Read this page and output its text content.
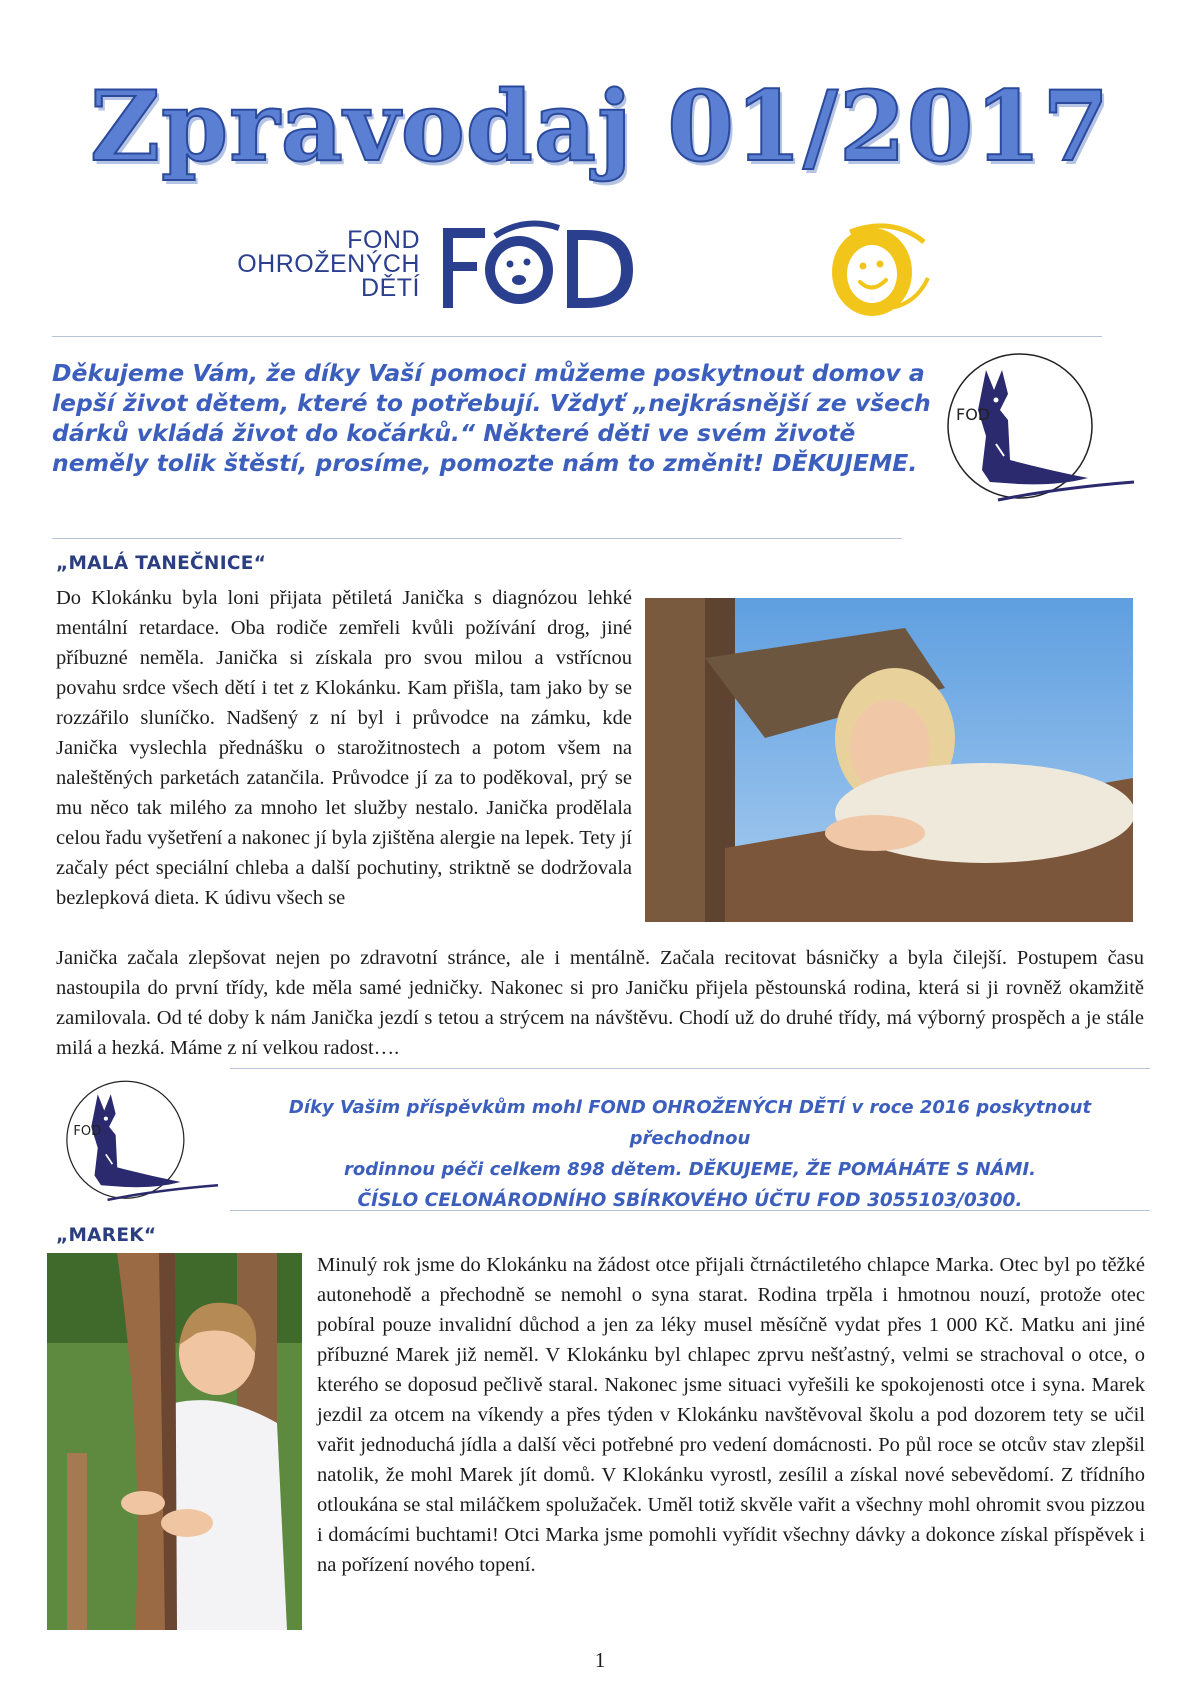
Zpravodaj 01/2017
FOND
OHROŽENÝCH
DĚTÍ
Děkujeme Vám, že díky Vaší pomoci můžeme poskytnout domov a lepší život dětem, které to potřebují. Vždyť „nejkrásnější ze všech dárků vkládá život do kočárků.“ Některé děti ve svém životě neměly tolik štěstí, prosíme, pomozte nám to změnit! DĚKUJEME.
FOD
„MALÁ TANEČNICE“
Do Klokánku byla loni přijata pětiletá Janička s diagnózou lehké mentální retardace. Oba rodiče zemřeli kvůli požívání drog, jiné příbuzné neměla. Janička si získala pro svou milou a vstřícnou povahu srdce všech dětí i tet z Klokánku. Kam přišla, tam jako by se rozzářilo sluníčko. Nadšený z ní byl i průvodce na zámku, kde Janička vyslechla přednášku o starožitnostech a potom všem na naleštěných parketách zatančila. Průvodce jí za to poděkoval, prý se mu něco tak milého za mnoho let služby nestalo. Janička prodělala celou řadu vyšetření a nakonec jí byla zjištěna alergie na lepek. Tety jí začaly péct speciální chleba a další pochutiny, striktně se dodržovala bezlepková dieta. K údivu všech se
Janička začala zlepšovat nejen po zdravotní stránce, ale i mentálně. Začala recitovat básničky a byla čilejší. Postupem času nastoupila do první třídy, kde měla samé jedničky. Nakonec si pro Janičku přijela pěstounská rodina, která si ji rovněž okamžitě zamilovala. Od té doby k nám Janička jezdí s tetou a strýcem na návštěvu. Chodí už do druhé třídy, má výborný prospěch a je stále milá a hezká. Máme z ní velkou radost….
FOD
Díky Vašim příspěvkům mohl FOND OHROŽENÝCH DĚTÍ v roce 2016 poskytnout přechodnou
rodinnou péči celkem 898 dětem. DĚKUJEME, ŽE POMÁHÁTE S NÁMI.
ČÍSLO CELONÁRODNÍHO SBÍRKOVÉHO ÚČTU FOD 3055103/0300.
„MAREK“
Minulý rok jsme do Klokánku na žádost otce přijali čtrnáctiletého chlapce Marka. Otec byl po těžké autonehodě a přechodně se nemohl o syna starat. Rodina trpěla i hmotnou nouzí, protože otec pobíral pouze invalidní důchod a jen za léky musel měsíčně vydat přes 1 000 Kč. Matku ani jiné příbuzné Marek již neměl. V Klokánku byl chlapec zprvu nešťastný, velmi se strachoval o otce, o kterého se doposud pečlivě staral. Nakonec jsme situaci vyřešili ke spokojenosti otce i syna. Marek jezdil za otcem na víkendy a přes týden v Klokánku navštěvoval školu a pod dozorem tety se učil vařit jednoduchá jídla a další věci potřebné pro vedení domácnosti. Po půl roce se otcův stav zlepšil natolik, že mohl Marek jít domů. V Klokánku vyrostl, zesílil a získal nové sebevědomí. Z třídního otloukána se stal miláčkem spolužaček. Uměl totiž skvěle vařit a všechny mohl ohromit svou pizzou i domácími buchtami! Otci Marka jsme pomohli vyřídit všechny dávky a dokonce získal příspěvek i na pořízení nového topení.
1
